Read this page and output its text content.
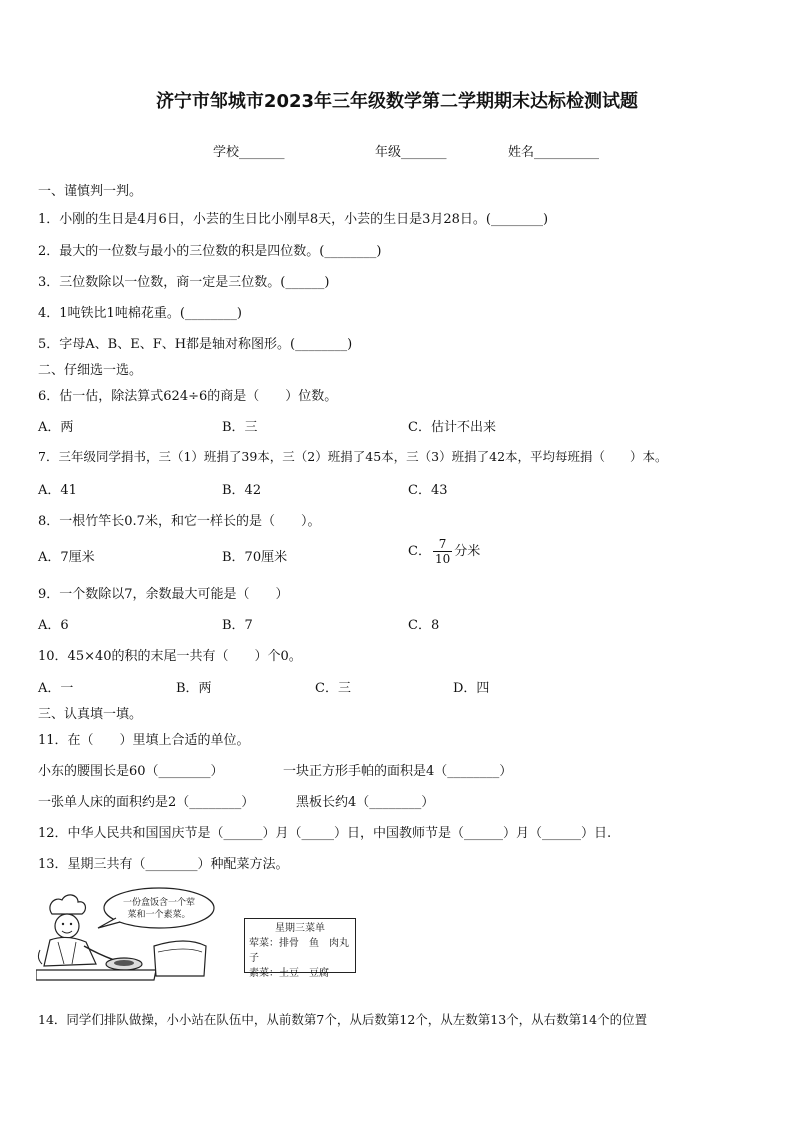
济宁市邹城市2023年三年级数学第二学期期末达标检测试题
学校_______	年级_______	姓名__________
一、谨慎判一判。
1．小刚的生日是4月6日，小芸的生日比小刚早8天，小芸的生日是3月28日。(________)
2．最大的一位数与最小的三位数的积是四位数。(________)
3．三位数除以一位数，商一定是三位数。(______)
4．1吨铁比1吨棉花重。(________)
5．字母A、B、E、F、H都是轴对称图形。(________)
二、仔细选一选。
6．估一估，除法算式624÷6的商是（　　）位数。
A．两	B．三	C．估计不出来
7．三年级同学捐书，三（1）班捐了39本，三（2）班捐了45本，三（3）班捐了42本，平均每班捐（　　）本。
A．41	B．42	C．43
8．一根竹竿长0.7米，和它一样长的是（　　）。
A．7厘米	B．70厘米	C． $\frac{7}{10}$ 分米
9．一个数除以7，余数最大可能是（　　）
A．6	B．7	C．8
10．45×40的积的末尾一共有（　　）个0。
A．一	B．两	C．三	D．四
三、认真填一填。
11．在（　　）里填上合适的单位。
小东的腰围长是60（________）	一块正方形手帕的面积是4（________）
一张单人床的面积约是2（________）	黑板长约4（________）
12．中华人民共和国国庆节是（______）月（_____）日，中国教师节是（______）月（______）日.
13．星期三共有（________）种配菜方法。
一份盒饭含一个荤
菜和一个素菜。
星期三菜单
荤菜：排骨　鱼　肉丸子
素菜：土豆　豆腐
14．同学们排队做操，小小站在队伍中，从前数第7个，从后数第12个，从左数第13个，从右数第14个的位置
